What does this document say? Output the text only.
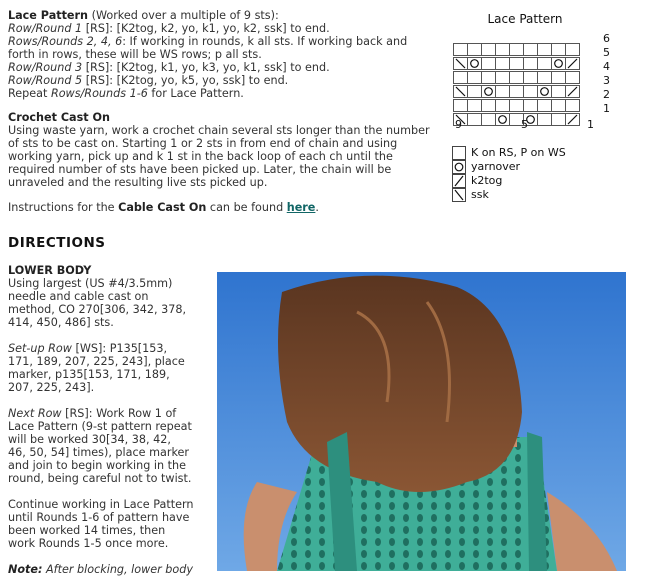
Lace Pattern (Worked over a multiple of 9 sts):
Row/Round 1 [RS]: [K2tog, k2, yo, k1, yo, k2, ssk] to end.
Rows/Rounds 2, 4, 6: If working in rounds, k all sts. If working back and
forth in rows, these will be WS rows; p all sts.
Row/Round 3 [RS]: [K2tog, k1, yo, k3, yo, k1, ssk] to end.
Row/Round 5 [RS]: [K2tog, yo, k5, yo, ssk] to end.
Repeat Rows/Rounds 1-6 for Lace Pattern.
Crochet Cast On
Using waste yarn, work a crochet chain several sts longer than the number
of sts to be cast on. Starting 1 or 2 sts in from end of chain and using
working yarn, pick up and k 1 st in the back loop of each ch until the
required number of sts have been picked up. Later, the chain will be
unraveled and the resulting live sts picked up.
Instructions for the Cable Cast On can be found here.
DIRECTIONS
LOWER BODY
Using largest (US #4/3.5mm)
needle and cable cast on
method, CO 270[306, 342, 378,
414, 450, 486] sts.

Set-up Row [WS]: P135[153,
171, 189, 207, 225, 243], place
marker, p135[153, 171, 189,
207, 225, 243].

Next Row [RS]: Work Row 1 of
Lace Pattern (9-st pattern repeat
will be worked 30[34, 38, 42,
46, 50, 54] times), place marker
and join to begin working in the
round, being careful not to twist.

Continue working in Lace Pattern
until Rounds 1-6 of pattern have
been worked 14 times, then
work Rounds 1-5 once more.

Note: After blocking, lower body
Lace Pattern
6
5
4
3
2
1
9	5	1
K on RS, P on WS
yarnover
k2tog
ssk
